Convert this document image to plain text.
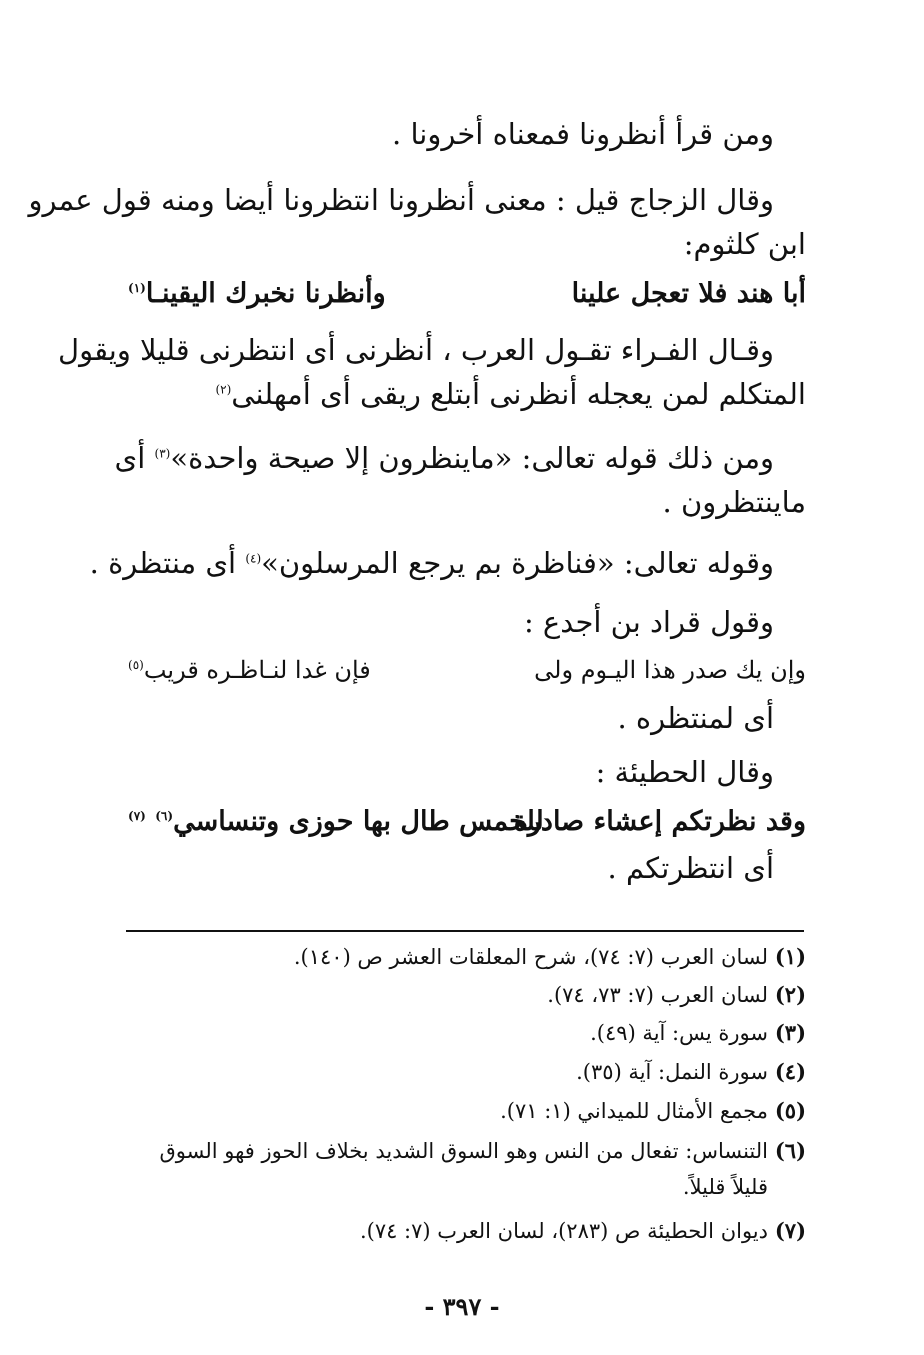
ومن قرأ أنظرونا فمعناه أخرونا .
وقال الزجاج قيل : معنى أنظرونا انتظرونا أيضا ومنه قول عمرو
ابن كلثوم:
أبا هند فلا تعجل علينا
وأنظرنا نخبرك اليقينـا$^{(١)}$
وقـال الفـراء تقـول العرب ، أنظرنى أى انتظرنى قليلا ويقول
المتكلم لمن يعجله أنظرنى أبتلع ريقى أى أمهلنى$^{(٢)}$
ومن ذلك قوله تعالى: «ماينظرون إلا صيحة واحدة»$^{(٣)}$ أى
ماينتظرون .
وقوله تعالى: «فناظرة بم يرجع المرسلون»$^{(٤)}$ أى منتظرة .
وقول قراد بن أجدع :
وإن يك صدر هذا اليـوم ولى
فإن غدا لنـاظـره قريب$^{(٥)}$
أى لمنتظره .
وقال الحطيئة :
وقد نظرتكم إعشاء صادرة
للخمس طال بها حوزى وتنساسي$^{(٦)}$ $^{(٧)}$
أى انتظرتكم .
(١)لسان العرب (٧: ٧٤)، شرح المعلقات العشر ص (١٤٠).
(٢)لسان العرب (٧: ٧٣، ٧٤).
(٣)سورة يس: آية (٤٩).
(٤)سورة النمل: آية (٣٥).
(٥)مجمع الأمثال للميداني (١: ٧١).
(٦)التنساس: تفعال من النس وهو السوق الشديد بخلاف الحوز فهو السوق
قليلاً قليلاً.
(٧)ديوان الحطيئة ص (٢٨٣)، لسان العرب (٧: ٧٤).
- ٣٩٧ -
